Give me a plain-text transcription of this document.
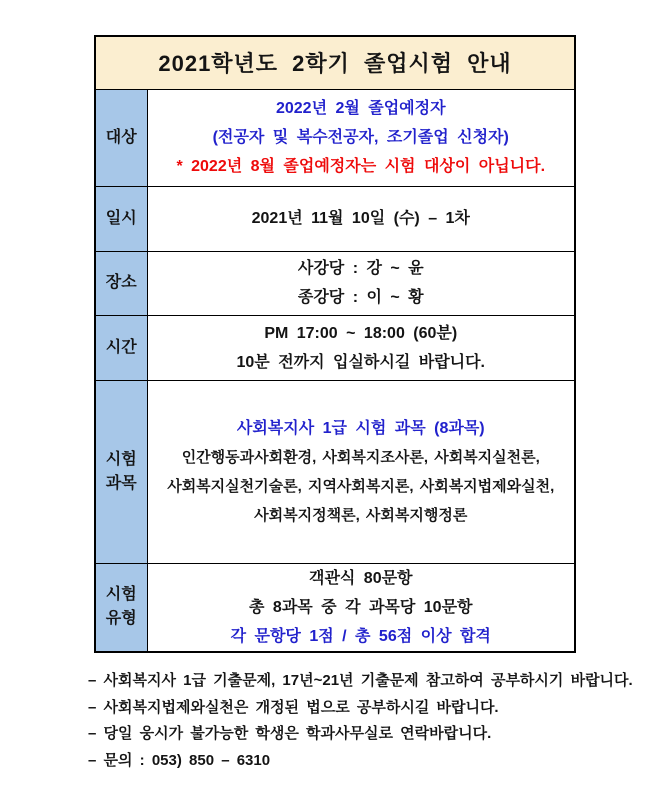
2021학년도 2학기 졸업시험 안내	
대상	2022년 2월 졸업예정자
(전공자 및 복수전공자, 조기졸업 신청자)
* 2022년 8월 졸업예정자는 시험 대상이 아닙니다.

일시	2021년 11월 10일 (수) – 1차

장소	사강당 : 강 ~ 윤
종강당 : 이 ~ 황

시간	PM 17:00 ~ 18:00 (60분)
10분 전까지 입실하시길 바랍니다.

시험 과목	사회복지사 1급 시험 과목 (8과목)
인간행동과사회환경, 사회복지조사론, 사회복지실천론,
사회복지실천기술론, 지역사회복지론, 사회복지법제와실천,
사회복지정책론, 사회복지행정론

시험 유형	객관식 80문항
총 8과목 중 각 과목당 10문항
각 문항당 1점 / 총 56점 이상 합격
– 사회복지사 1급 기출문제, 17년~21년 기출문제 참고하여 공부하시기 바랍니다.
– 사회복지법제와실천은 개정된 법으로 공부하시길 바랍니다.
– 당일 웅시가 불가능한 학생은 학과사무실로 연락바랍니다.
– 문의 : 053) 850 – 6310
